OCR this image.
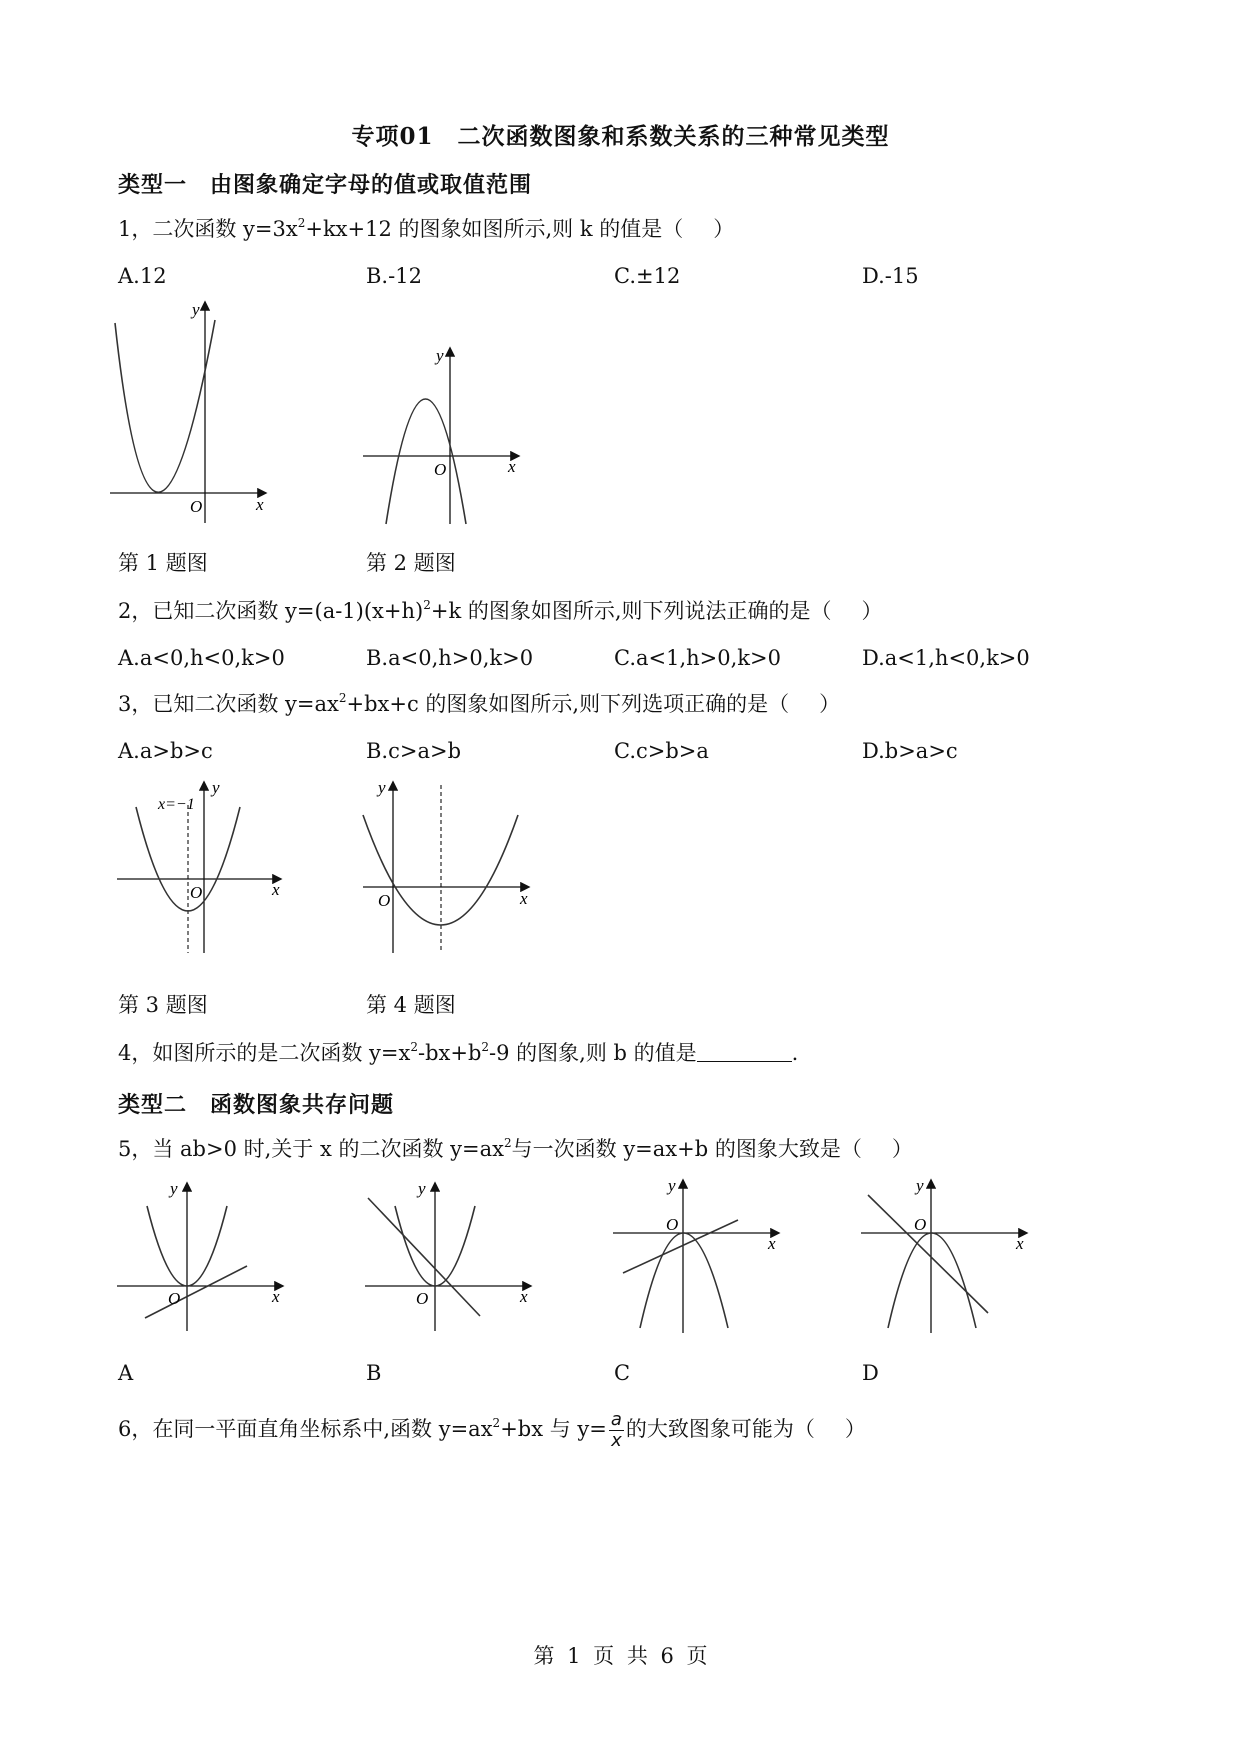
专项01　二次函数图象和系数关系的三种常见类型
类型一　由图象确定字母的值或取值范围
1，二次函数 $y=3x^2+kx+12$ 的图象如图所示,则 k 的值是（ ）
A.12	B.-12	C.±12	D.-15
O	x
y
O	x
y
第 1 题图	第 2 题图
2，已知二次函数 $y=(a-1)(x+h)^2+k$ 的图象如图所示,则下列说法正确的是（ ）
A.a<0,h<0,k>0	B.a<0,h>0,k>0	C.a<1,h>0,k>0	D.a<1,h<0,k>0
3，已知二次函数 $y=ax^2+bx+c$ 的图象如图所示,则下列选项正确的是（ ）
A.a>b>c	B.c>a>b	C.c>b>a	D.b>a>c
x=−1
O	x
y
O	x
y
第 3 题图	第 4 题图
4，如图所示的是二次函数 $y=x^2-bx+b^2-9$ 的图象,则 b 的值是	.
类型二　函数图象共存问题
5，当 ab>0 时,关于 x 的二次函数 $y=ax^2$与一次函数 y=ax+b 的图象大致是（ ）
O	x
y
O	x
y
O
x
y
O
x
y
A	B	C	D
6，在同一平面直角坐标系中,函数 $y=ax^2+bx$ 与 $y= \frac{a}{x}$ 的大致图象可能为（ ）
第 1 页 共 6 页
